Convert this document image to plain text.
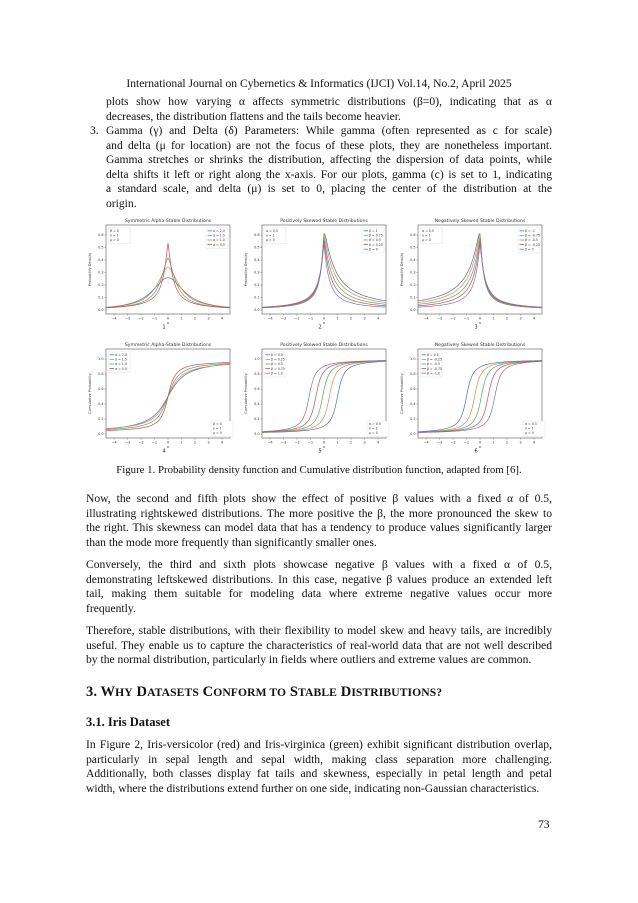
International Journal on Cybernetics & Informatics (IJCI) Vol.14, No.2, April 2025
plots show how varying α affects symmetric distributions (β=0), indicating that as α
decreases, the distribution flattens and the tails become heavier.
3. Gamma (γ) and Delta (δ) Parameters: While gamma (often represented as c for scale)
and delta (μ for location) are not the focus of these plots, they are nonetheless important.
Gamma stretches or shrinks the distribution, affecting the dispersion of data points, while
delta shifts it left or right along the x-axis. For our plots, gamma (c) is set to 1, indicating
a standard scale, and delta (μ) is set to 0, placing the center of the distribution at the
origin.
Symmetric Alpha-Stable Distributions
Probability Density
−4 −3 −2 −1	0	1	2	3	4
x
1
0.0
0.1
0.2
0.3
0.4
0.5
0.6
β = 0
γ = 1
μ = 0
α = 2.0
α = 1.5
α = 1.0
α = 0.5
Positively Skewed Stable Distributions
Probability Density
−4 −3 −2 −1	0	1	2	3	4
x
2
0.0
0.1
0.2
0.3
0.4
0.5
0.6
α = 0.5
γ = 1
μ = 0
β = 1
β = 0.75
β = 0.5
β = 0.25
β = 0
Negatively Skewed Stable Distributions
Probability Density
−4 −3 −2 −1	0	1	2	3	4
x
3
0.0
0.1
0.2
0.3
0.4
0.5
0.6
α = 0.5
γ = 1
μ = 0
β = -1
β = -0.75
β = -0.5
β = -0.25
β = 0
Symmetric Alpha-Stable Distributions
Cumulative Probability
−4 −3 −2 −1	0	1	2	3	4
x
4
0.0
0.2
0.4
0.6
0.8
1.0
α = 2.0
α = 1.5
α = 1.0
α = 0.5
β = 0
γ = 1
μ = 0
Positively Skewed Stable Distributions
Cumulative Probability
−4 −3 −2 −1	0	1	2	3	4
x
5
0.0
0.2
0.4
0.6
0.8
1.0
β = 0.0
β = 0.25
β = 0.5
β = 0.75
β = 1.0
α = 0.5
γ = 1
μ = 0
Negatively Skewed Stable Distributions
Cumulative Probability
−4 −3 −2 −1	0	1	2	3	4
x
6
0.0
0.2
0.4
0.6
0.8
1.0
β = 0.0
β = -0.25
β = -0.5
β = -0.75
β = -1.0
α = 0.5
γ = 1
μ = 0
Figure 1. Probability density function and Cumulative distribution function, adapted from [6].
Now, the second and fifth plots show the effect of positive β values with a fixed α of 0.5,
illustrating rightskewed distributions. The more positive the β, the more pronounced the skew to
the right. This skewness can model data that has a tendency to produce values significantly larger
than the mode more frequently than significantly smaller ones.
Conversely, the third and sixth plots showcase negative β values with a fixed α of 0.5,
demonstrating leftskewed distributions. In this case, negative β values produce an extended left
tail, making them suitable for modeling data where extreme negative values occur more
frequently.
Therefore, stable distributions, with their flexibility to model skew and heavy tails, are incredibly
useful. They enable us to capture the characteristics of real-world data that are not well described
by the normal distribution, particularly in fields where outliers and extreme values are common.
3. WHY DATASETS CONFORM TO STABLE DISTRIBUTIONS?
3.1. Iris Dataset
In Figure 2, Iris-versicolor (red) and Iris-virginica (green) exhibit significant distribution overlap,
particularly in sepal length and sepal width, making class separation more challenging.
Additionally, both classes display fat tails and skewness, especially in petal length and petal
width, where the distributions extend further on one side, indicating non-Gaussian characteristics.
73
